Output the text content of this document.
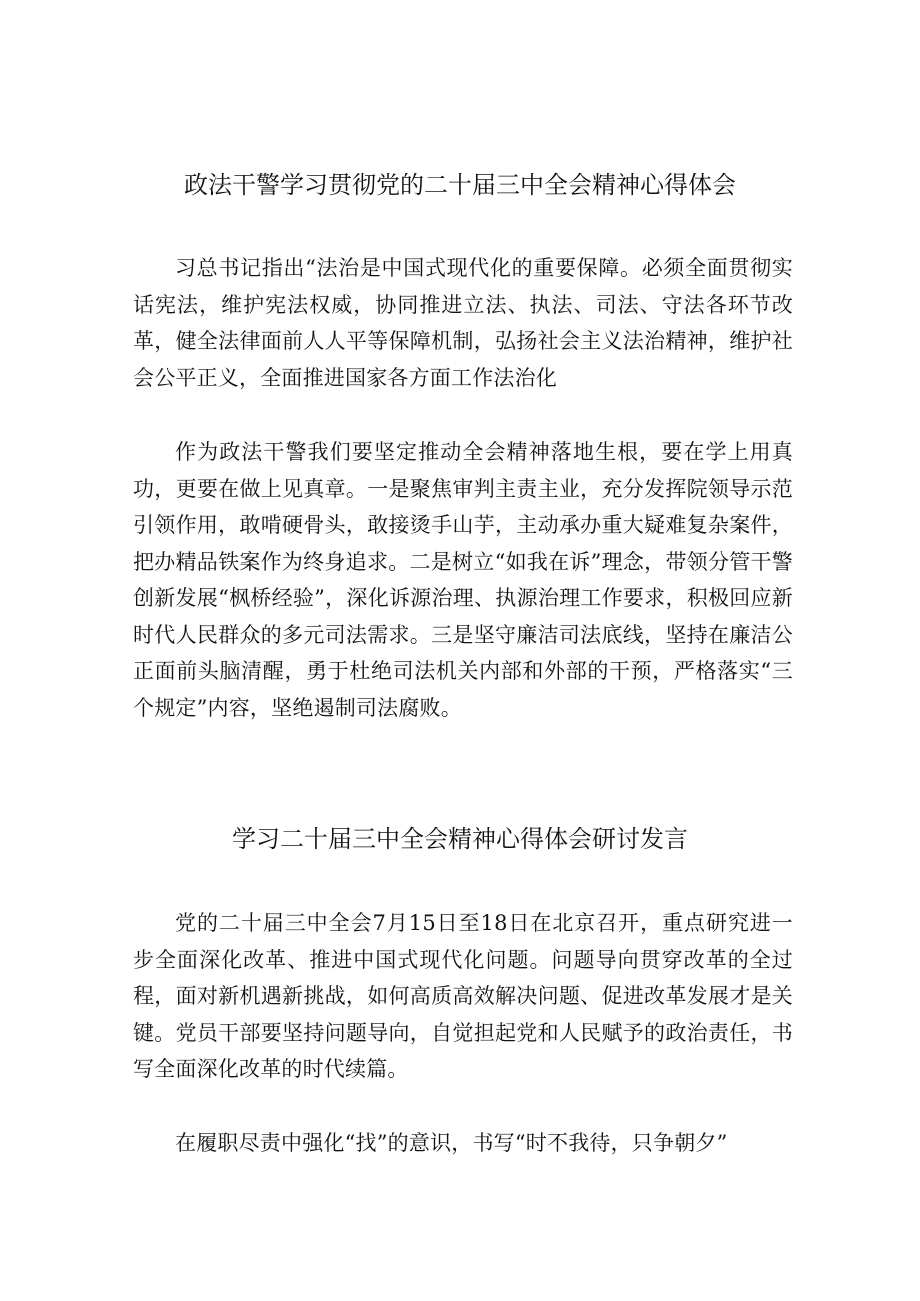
政法干警学习贯彻党的二十届三中全会精神心得体会
习总书记指出“法治是中国式现代化的重要保障。必须全面贯彻实话宪法，维护宪法权威，协同推进立法、执法、司法、守法各环节改革，健全法律面前人人平等保障机制，弘扬社会主义法治精神，维护社会公平正义，全面推进国家各方面工作法治化
作为政法干警我们要坚定推动全会精神落地生根，要在学上用真功，更要在做上见真章。一是聚焦审判主责主业，充分发挥院领导示范引领作用，敢啃硬骨头，敢接烫手山芋，主动承办重大疑难复杂案件，把办精品铁案作为终身追求。二是树立“如我在诉”理念，带领分管干警创新发展“枫桥经验”，深化诉源治理、执源治理工作要求，积极回应新时代人民群众的多元司法需求。三是坚守廉洁司法底线，坚持在廉洁公正面前头脑清醒，勇于杜绝司法机关内部和外部的干预，严格落实“三个规定”内容，坚绝遏制司法腐败。
学习二十届三中全会精神心得体会研讨发言
党的二十届三中全会7月15日至18日在北京召开，重点研究进一步全面深化改革、推进中国式现代化问题。问题导向贯穿改革的全过程，面对新机遇新挑战，如何高质高效解决问题、促进改革发展才是关键。党员干部要坚持问题导向，自觉担起党和人民赋予的政治责任，书写全面深化改革的时代续篇。
在履职尽责中强化“找”的意识，书写“时不我待，只争朝夕”
